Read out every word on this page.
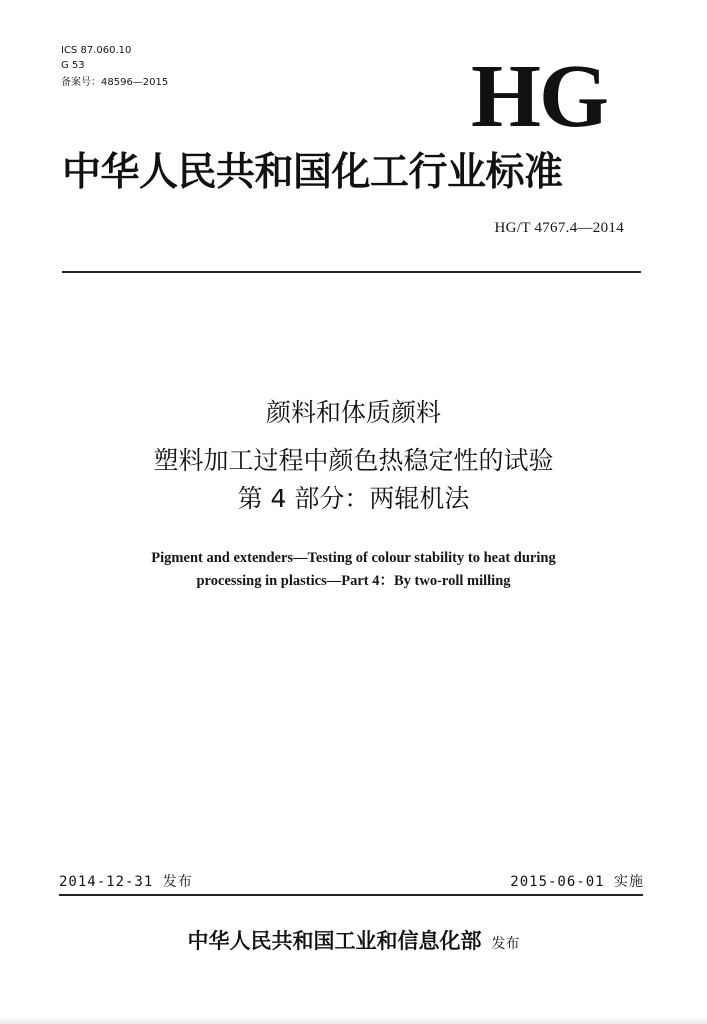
ICS 87.060.10
G 53
备案号：48596—2015	HG
中华人民共和国化工行业标准
HG/T 4767.4—2014
颜料和体质颜料
塑料加工过程中颜色热稳定性的试验
第 4 部分：两辊机法
Pigment and extenders—Testing of colour stability to heat during
processing in plastics—Part 4：By two-roll milling
2014-12-31 发布	2015-06-01 实施
中华人民共和国工业和信息化部 发布
